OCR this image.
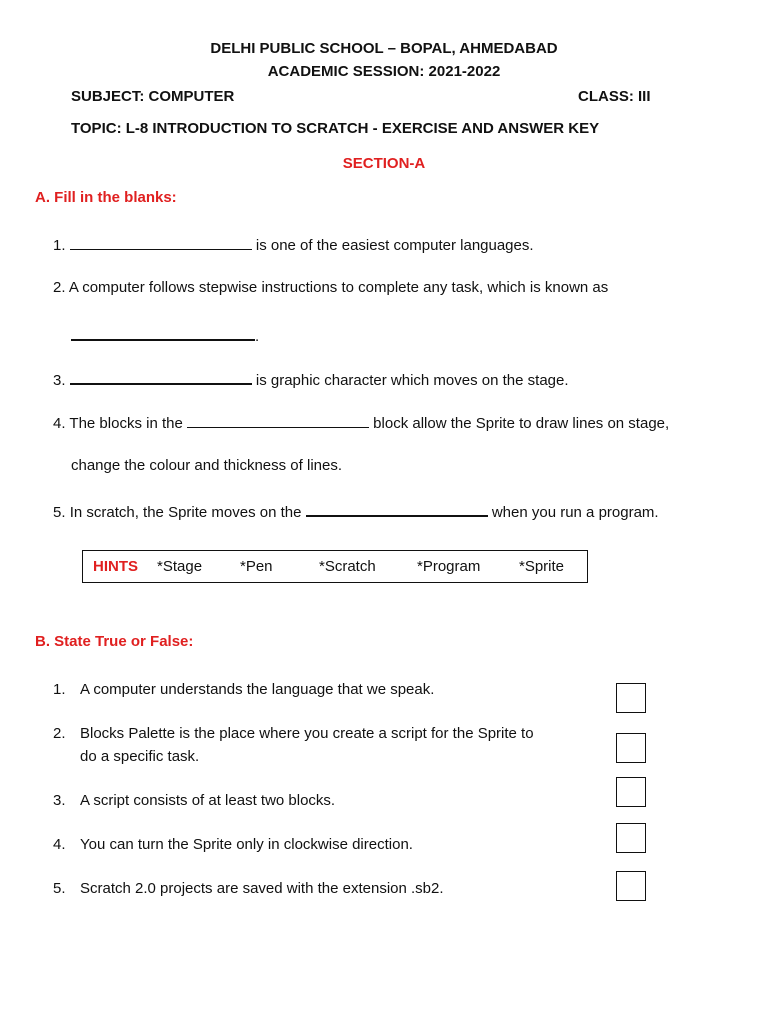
DELHI PUBLIC SCHOOL – BOPAL, AHMEDABAD
ACADEMIC SESSION: 2021-2022
SUBJECT: COMPUTER	CLASS: III
TOPIC: L-8 INTRODUCTION TO SCRATCH - EXERCISE AND ANSWER KEY
SECTION-A
A. Fill in the blanks:
1.	is one of the easiest computer languages.
2. A computer follows stepwise instructions to complete any task, which is known as
.
3.	is graphic character which moves on the stage.
4. The blocks in the	block allow the Sprite to draw lines on stage,
change the colour and thickness of lines.
5. In scratch, the Sprite moves on the	when you run a program.
HINTS *Stage	*Pen	*Scratch	*Program	*Sprite
B. State True or False:
1. A computer understands the language that we speak.
2. Blocks Palette is the place where you create a script for the Sprite to
do a specific task.
3. A script consists of at least two blocks.
4. You can turn the Sprite only in clockwise direction.
5. Scratch 2.0 projects are saved with the extension .sb2.
